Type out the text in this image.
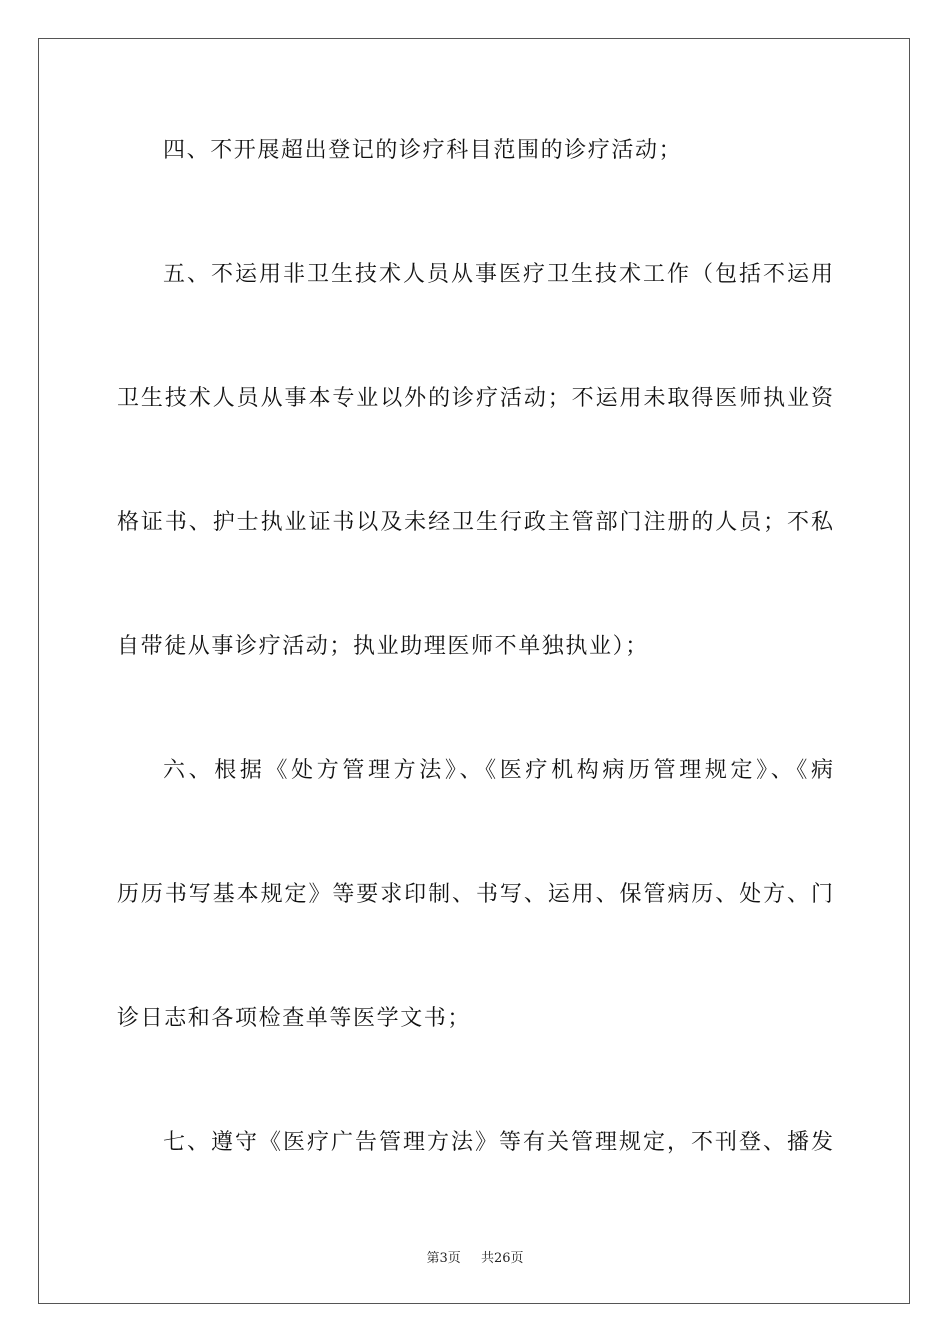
四、不开展超出登记的诊疗科目范围的诊疗活动；
五、不运用非卫生技术人员从事医疗卫生技术工作（包括不运用
卫生技术人员从事本专业以外的诊疗活动；不运用未取得医师执业资
格证书、护士执业证书以及未经卫生行政主管部门注册的人员；不私
自带徒从事诊疗活动；执业助理医师不单独执业）；
六、根据《处方管理方法》、《医疗机构病历管理规定》、《病
历历书写基本规定》等要求印制、书写、运用、保管病历、处方、门
诊日志和各项检查单等医学文书；
七、遵守《医疗广告管理方法》等有关管理规定，不刊登、播发
第3页 共26页
